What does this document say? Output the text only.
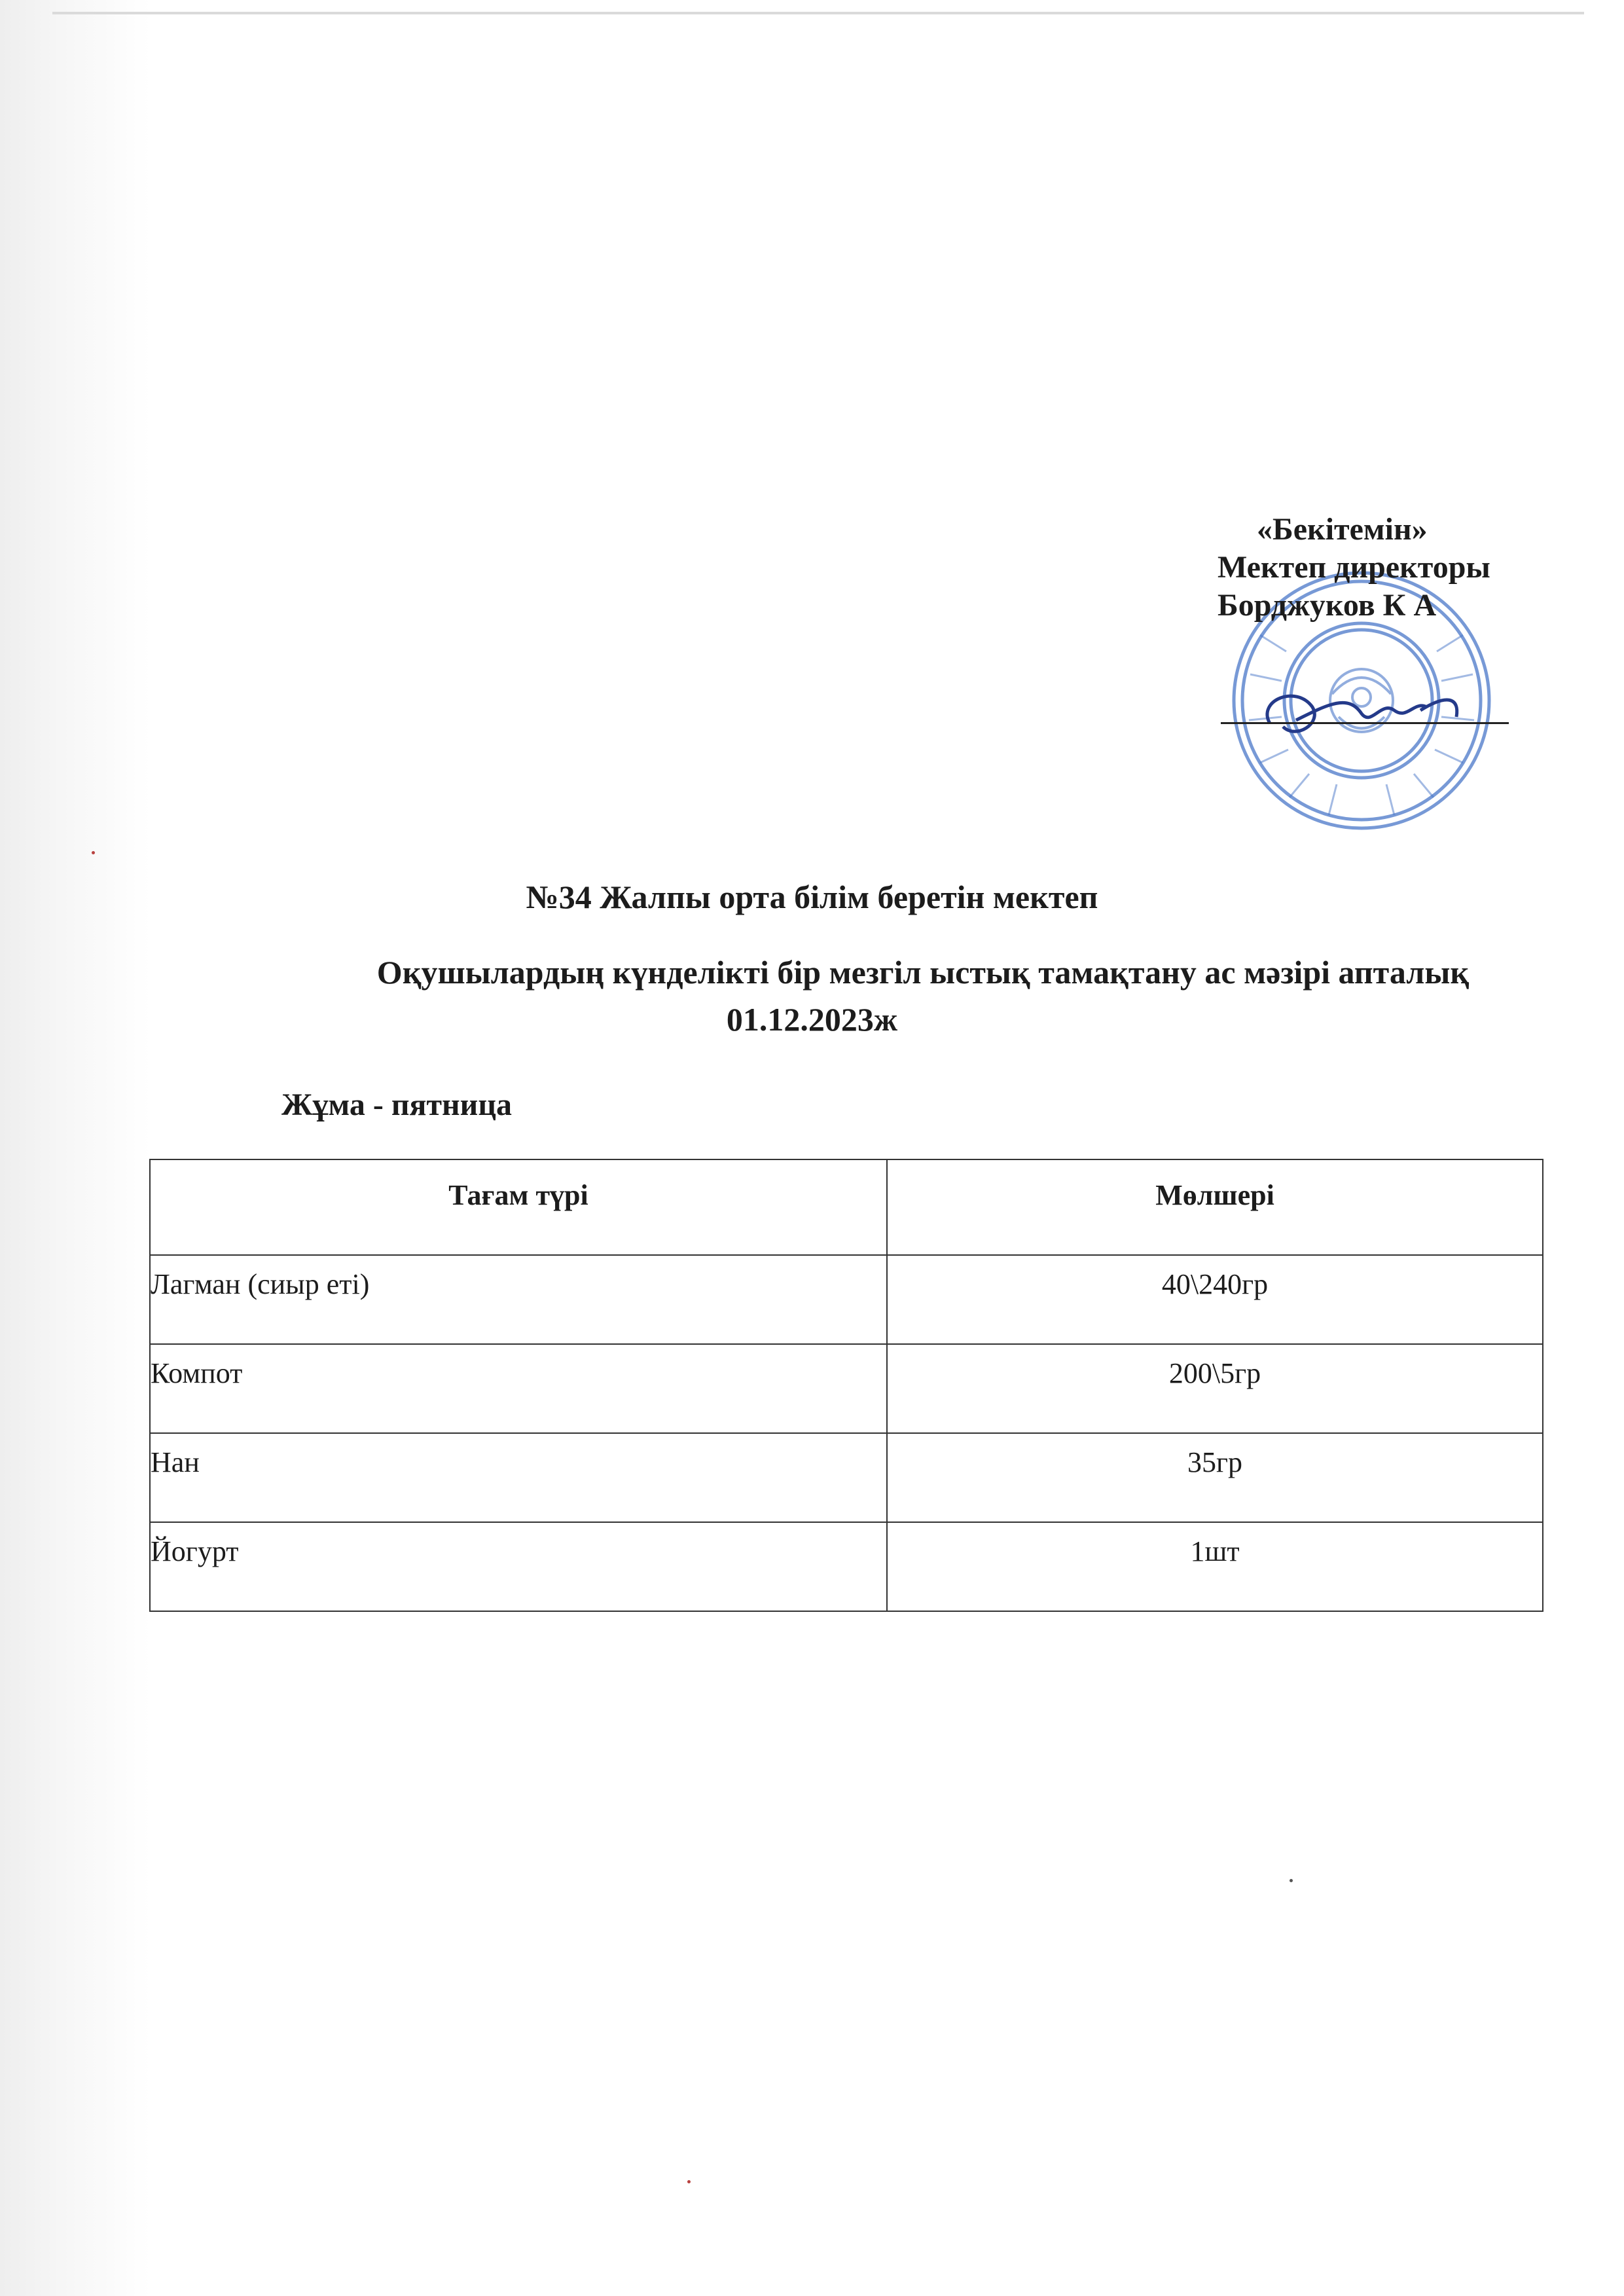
«Бекітемін»
Мектеп директоры
Борджуков К А
№34 Жалпы орта білім беретін мектеп
Оқушылардың күнделікті бір мезгіл ыстық тамақтану ас мәзірі апталық
01.12.2023ж
Жұма - пятница
Тағам түрі	Мөлшері
Лагман (сиыр еті)	40\240гр
Компот	200\5гр
Нан	35гр
Йогурт	1шт
